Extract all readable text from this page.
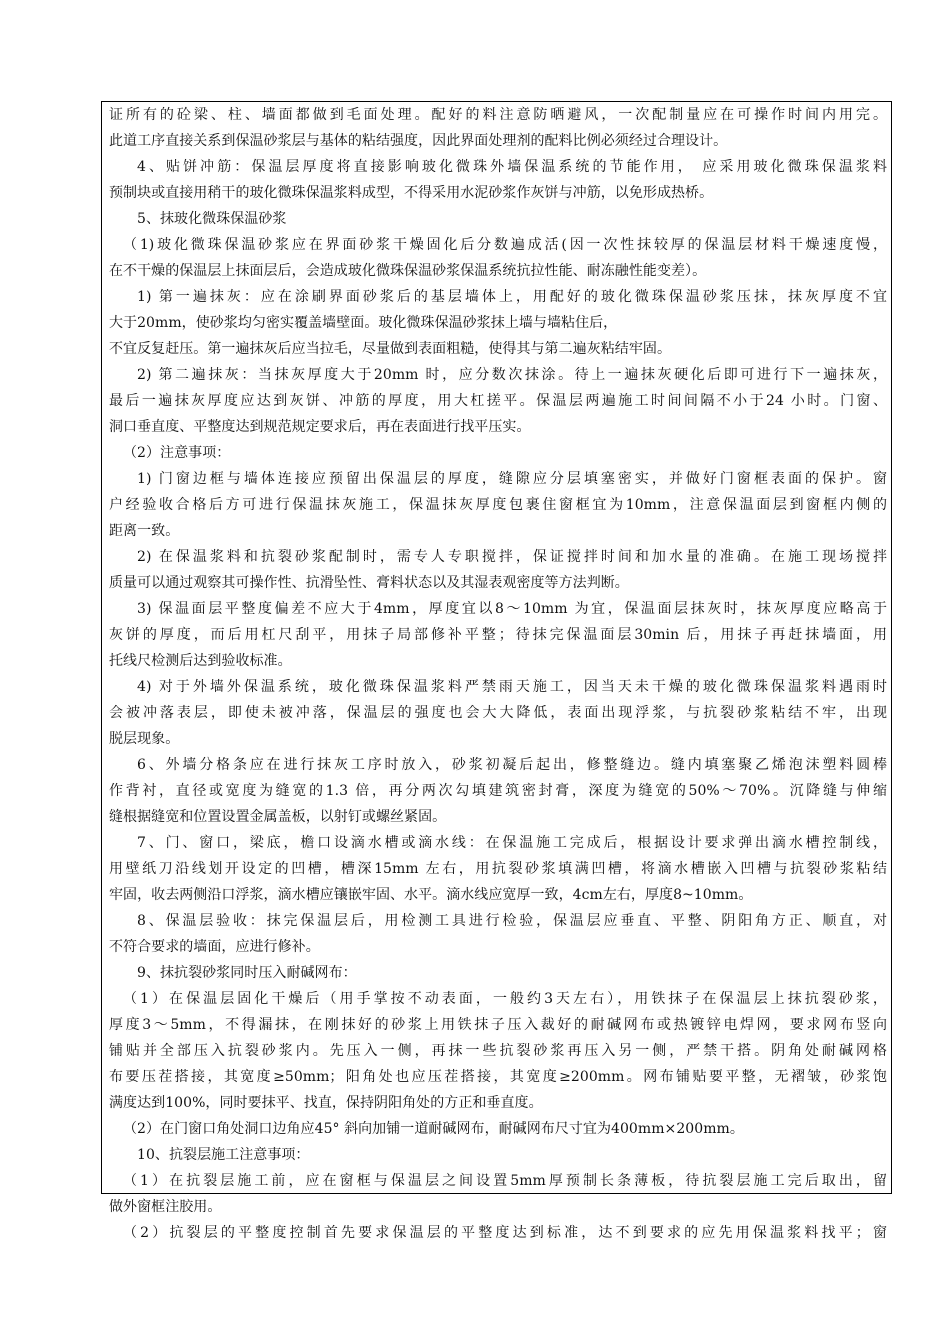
证所有的砼梁、柱、墙面都做到毛面处理。配好的料注意防晒避风，一次配制量应在可操作时间内用完。
此道工序直接关系到保温砂浆层与基体的粘结强度，因此界面处理剂的配料比例必须经过合理设计。
4、贴饼冲筋：保温层厚度将直接影响玻化微珠外墙保温系统的节能作用， 应采用玻化微珠保温浆料
预制块或直接用稍干的玻化微珠保温浆料成型，不得采用水泥砂浆作灰饼与冲筋，以免形成热桥。
5、抹玻化微珠保温砂浆
（1)玻化微珠保温砂浆应在界面砂浆干燥固化后分数遍成活(因一次性抹较厚的保温层材料干燥速度慢，
在不干燥的保温层上抹面层后，会造成玻化微珠保温砂浆保温系统抗拉性能、耐冻融性能变差）。
1) 第一遍抹灰：应在涂刷界面砂浆后的基层墙体上，用配好的玻化微珠保温砂浆压抹，抹灰厚度不宜
大于20mm，使砂浆均匀密实覆盖墙壁面。玻化微珠保温砂浆抹上墙与墙粘住后，
不宜反复赶压。第一遍抹灰后应当拉毛，尽量做到表面粗糙，使得其与第二遍灰粘结牢固。
2) 第二遍抹灰：当抹灰厚度大于20mm 时，应分数次抹涂。待上一遍抹灰硬化后即可进行下一遍抹灰，
最后一遍抹灰厚度应达到灰饼、冲筋的厚度，用大杠搓平。保温层两遍施工时间间隔不小于24 小时。门窗、
洞口垂直度、平整度达到规范规定要求后，再在表面进行找平压实。
（2）注意事项：
1) 门窗边框与墙体连接应预留出保温层的厚度，缝隙应分层填塞密实，并做好门窗框表面的保护。窗
户经验收合格后方可进行保温抹灰施工，保温抹灰厚度包裹住窗框宜为10mm，注意保温面层到窗框内侧的
距离一致。
2) 在保温浆料和抗裂砂浆配制时，需专人专职搅拌，保证搅拌时间和加水量的准确。在施工现场搅拌
质量可以通过观察其可操作性、抗滑坠性、膏料状态以及其湿表观密度等方法判断。
3) 保温面层平整度偏差不应大于4mm，厚度宜以8～10mm 为宜，保温面层抹灰时，抹灰厚度应略高于
灰饼的厚度，而后用杠尺刮平，用抹子局部修补平整；待抹完保温面层30min 后，用抹子再赶抹墙面，用
托线尺检测后达到验收标准。
4) 对于外墙外保温系统，玻化微珠保温浆料严禁雨天施工，因当天未干燥的玻化微珠保温浆料遇雨时
会被冲落表层，即使未被冲落，保温层的强度也会大大降低，表面出现浮浆，与抗裂砂浆粘结不牢，出现
脱层现象。
6、外墙分格条应在进行抹灰工序时放入，砂浆初凝后起出，修整缝边。缝内填塞聚乙烯泡沫塑料圆棒
作背衬，直径或宽度为缝宽的1.3 倍，再分两次勾填建筑密封膏，深度为缝宽的50%～70%。沉降缝与伸缩
缝根据缝宽和位置设置金属盖板，以射钉或螺丝紧固。
7、门、窗口，梁底，檐口设滴水槽或滴水线：在保温施工完成后，根据设计要求弹出滴水槽控制线，
用壁纸刀沿线划开设定的凹槽，槽深15mm 左右，用抗裂砂浆填满凹槽，将滴水槽嵌入凹槽与抗裂砂浆粘结
牢固，收去两侧沿口浮浆，滴水槽应镶嵌牢固、水平。滴水线应宽厚一致，4cm左右，厚度8~10mm。
8、保温层验收：抹完保温层后，用检测工具进行检验，保温层应垂直、平整、阴阳角方正、顺直，对
不符合要求的墙面，应进行修补。
9、抹抗裂砂浆同时压入耐碱网布：
（1）在保温层固化干燥后（用手掌按不动表面，一般约3天左右），用铁抹子在保温层上抹抗裂砂浆，
厚度3～5mm，不得漏抹，在刚抹好的砂浆上用铁抹子压入裁好的耐碱网布或热镀锌电焊网，要求网布竖向
铺贴并全部压入抗裂砂浆内。先压入一侧，再抹一些抗裂砂浆再压入另一侧，严禁干搭。阴角处耐碱网格
布要压茬搭接，其宽度≥50mm；阳角处也应压茬搭接，其宽度≥200mm。网布铺贴要平整，无褶皱，砂浆饱
满度达到100%，同时要抹平、找直，保持阴阳角处的方正和垂直度。
（2）在门窗口角处洞口边角应45° 斜向加铺一道耐碱网布，耐碱网布尺寸宜为400mm×200mm。
10、抗裂层施工注意事项：
（1）在抗裂层施工前，应在窗框与保温层之间设置5mm厚预制长条薄板，待抗裂层施工完后取出，留
做外窗框注胶用。
（2）抗裂层的平整度控制首先要求保温层的平整度达到标准，达不到要求的应先用保温浆料找平；窗
